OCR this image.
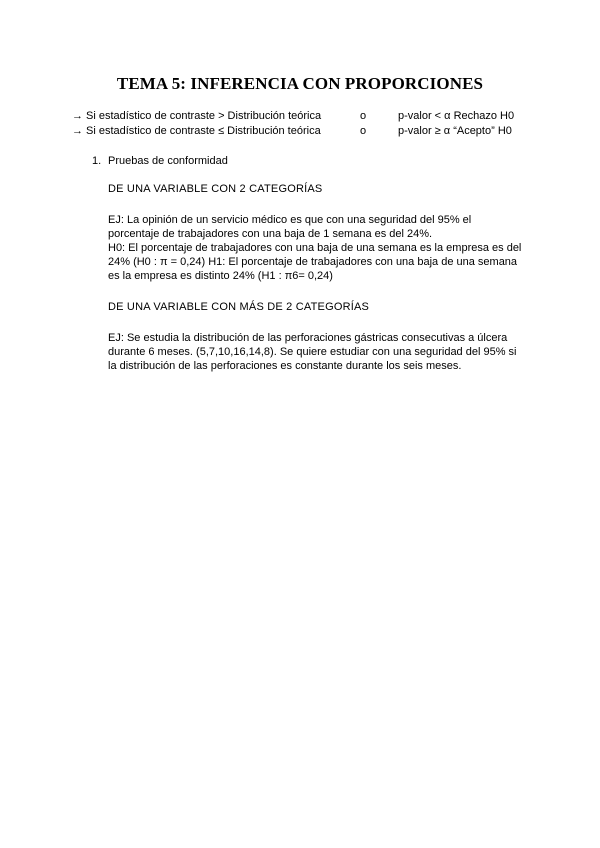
TEMA 5: INFERENCIA CON PROPORCIONES
→ Si estadístico de contraste > Distribución teórica	o	p-valor < α Rechazo H0
→ Si estadístico de contraste ≤ Distribución teórica	o	p-valor ≥ α “Acepto” H0
1. Pruebas de conformidad
DE UNA VARIABLE CON 2 CATEGORÍAS
EJ: La opinión de un servicio médico es que con una seguridad del 95% el
porcentaje de trabajadores con una baja de 1 semana es del 24%.
H0: El porcentaje de trabajadores con una baja de una semana es la empresa es del
24% (H0 : π = 0,24) H1: El porcentaje de trabajadores con una baja de una semana
es la empresa es distinto 24% (H1 : π6= 0,24)
DE UNA VARIABLE CON MÁS DE 2 CATEGORÍAS
EJ: Se estudia la distribución de las perforaciones gástricas consecutivas a úlcera
durante 6 meses. (5,7,10,16,14,8). Se quiere estudiar con una seguridad del 95% si
la distribución de las perforaciones es constante durante los seis meses.
